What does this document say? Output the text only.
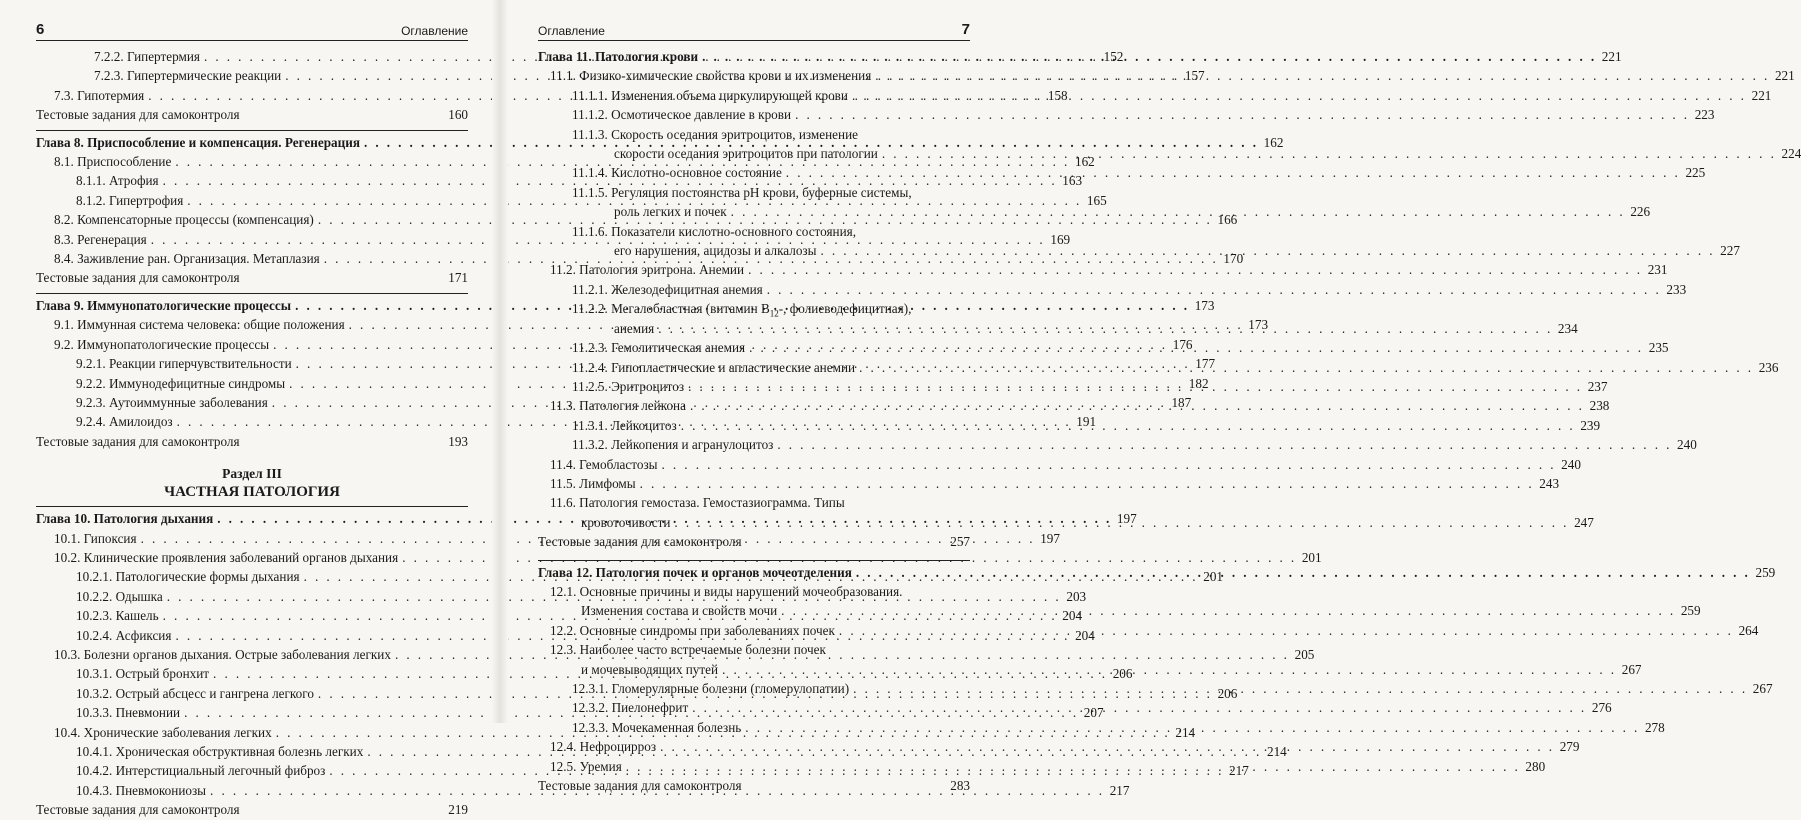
6	Оглавление
7.2.2. Гипертермия . . .	152
7.2.3. Гипертермические реакции . . .	157
7.3. Гипотермия . . .	158
Тестовые задания для самоконтроля	160
Глава 8. Приспособление и компенсация. Регенерация . . .	162
8.1. Приспособление . . .	162
8.1.1. Атрофия . . .	163
8.1.2. Гипертрофия . . .	165
8.2. Компенсаторные процессы (компенсация) . . .	166
8.3. Регенерация . . .	169
8.4. Заживление ран. Организация. Метаплазия . . .	170
Тестовые задания для самоконтроля	171
Глава 9. Иммунопатологические процессы . . .	173
9.1. Иммунная система человека: общие положения . . .	173
9.2. Иммунопатологические процессы . . .	176
9.2.1. Реакции гиперчувствительности . . .	177
9.2.2. Иммунодефицитные синдромы . . .	182
9.2.3. Аутоиммунные заболевания . . .	187
9.2.4. Амилоидоз . . .	191
Тестовые задания для самоконтроля	193
Раздел III
ЧАСТНАЯ ПАТОЛОГИЯ
Глава 10. Патология дыхания . . .	197
10.1. Гипоксия . . .	197
10.2. Клинические проявления заболеваний органов дыхания . . .	201
10.2.1. Патологические формы дыхания . . .	201
10.2.2. Одышка . . .	203
10.2.3. Кашель . . .	204
10.2.4. Асфиксия . . .	204
10.3. Болезни органов дыхания. Острые заболевания легких . . .	205
10.3.1. Острый бронхит . . .	206
10.3.2. Острый абсцесс и гангрена легкого . . .	206
10.3.3. Пневмонии . . .	207
10.4. Хронические заболевания легких . . .	214
10.4.1. Хроническая обструктивная болезнь легких . . .	214
10.4.2. Интерстициальный легочный фиброз . . .	217
10.4.3. Пневмокониозы . . .	217
Тестовые задания для самоконтроля	219
Оглавление	7
Глава 11. Патология крови . . .	221
11.1. Физико-химические свойства крови и их изменения . . .	221
11.1.1. Изменения объема циркулирующей крови . . .	221
11.1.2. Осмотическое давление в крови . . .	223
11.1.3. Скорость оседания эритроцитов, изменение
скорости оседания эритроцитов при патологии . . .	224
11.1.4. Кислотно-основное состояние . . .	225
11.1.5. Регуляция постоянства pH крови, буферные системы,
роль легких и почек . . .	226
11.1.6. Показатели кислотно-основного состояния,
его нарушения, ацидозы и алкалозы . . .	227
11.2. Патология эритрона. Анемии . . .	231
11.2.1. Железодефицитная анемия . . .	233
11.2.2. Мегалобластная (витамин $B_{12}-$, фолиеводефицитная),
анемия . . .	234
11.2.3. Гемолитическая анемия . . .	235
11.2.4. Гипопластические и апластические анемии . . .	236
11.2.5. Эритроцитоз . . .	237
11.3. Патология лейкона . . .	238
11.3.1. Лейкоцитоз . . .	239
11.3.2. Лейкопения и агранулоцитоз . . .	240
11.4. Гемобластозы . . .	240
11.5. Лимфомы . . .	243
11.6. Патология гемостаза. Гемостазиограмма. Типы
кровоточивости . . .	247
Тестовые задания для самоконтроля	257
Глава 12. Патология почек и органов мочеотделения . . .	259
12.1. Основные причины и виды нарушений мочеобразования.
Изменения состава и свойств мочи . . .	259
12.2. Основные синдромы при заболеваниях почек . . .	264
12.3. Наиболее часто встречаемые болезни почек
и мочевыводящих путей . . .	267
12.3.1. Гломерулярные болезни (гломерулопатии) . . .	267
12.3.2. Пиелонефрит . . .	276
12.3.3. Мочекаменная болезнь . . .	278
12.4. Нефроцирроз . . .	279
12.5. Уремия . . .	280
Тестовые задания для самоконтроля	283
